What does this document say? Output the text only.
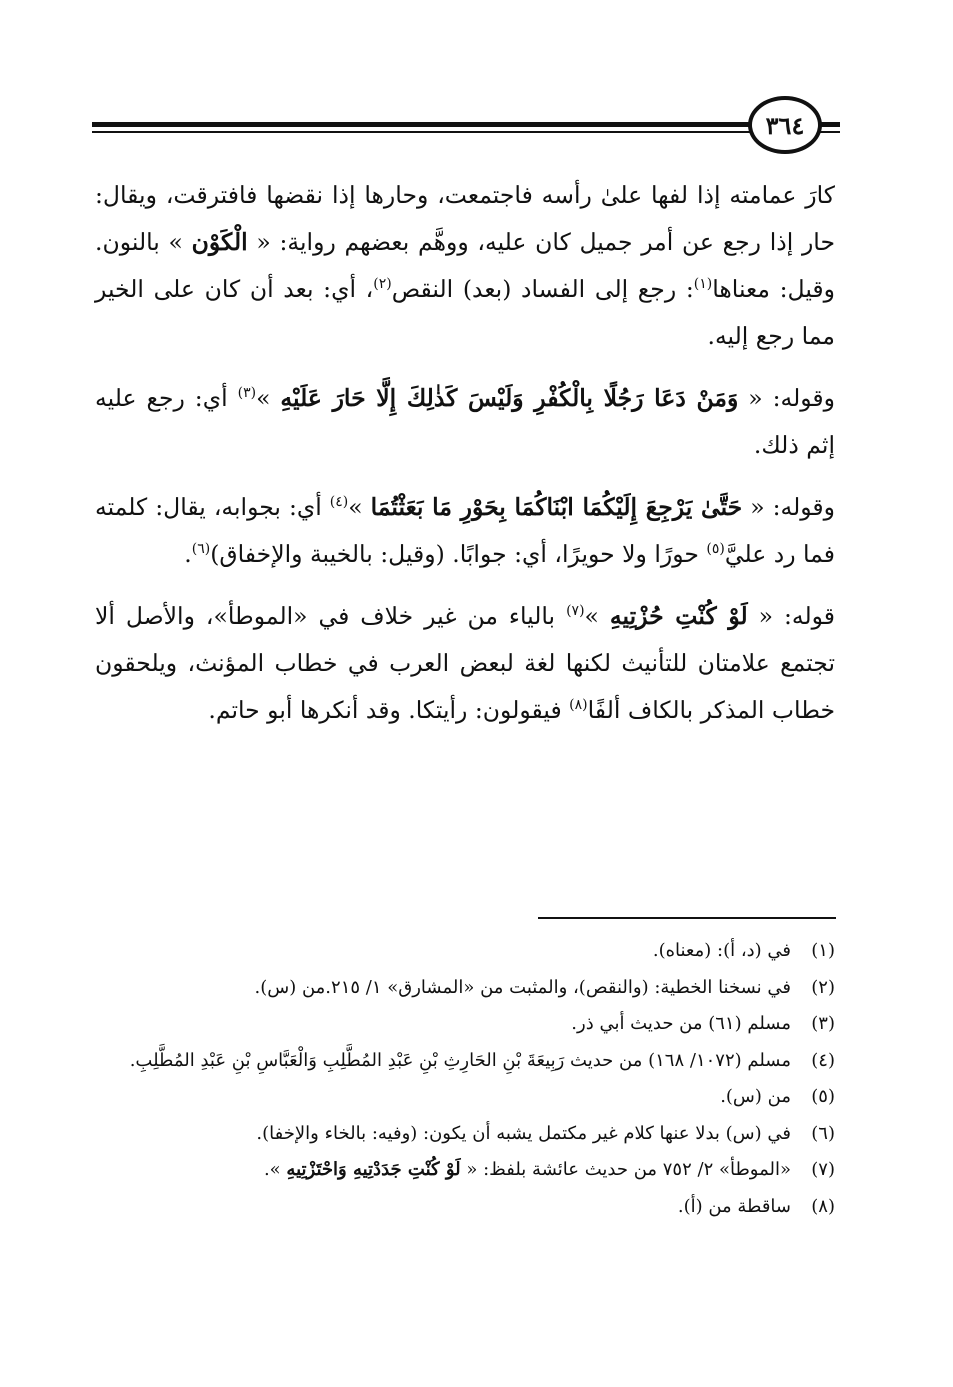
٣٦٤

كارَ عمامته إذا لفها علىٰ رأسه فاجتمعت، وحارها إذا نقضها فافترقت، ويقال: حار إذا رجع عن أمر جميل كان عليه، ووهَّم بعضهم رواية: « الْكَوْن » بالنون. وقيل: معناها$^{(١)}$: رجع إلى الفساد (بعد) النقص$^{(٢)}$، أي: بعد أن كان على الخير مما رجع إليه.

وقوله: « وَمَنْ دَعَا رَجُلًا بِالْكُفْرِ وَلَيْسَ كَذٰلِكَ إِلَّا حَارَ عَلَيْهِ »$^{(٣)}$ أي: رجع عليه إثم ذلك.

وقوله: « حَتَّىٰ يَرْجِعَ إِلَيْكُمَا ابْنَاكُمَا بِحَوْرِ مَا بَعَثْتُمَا »$^{(٤)}$ أي: بجوابه، يقال: كلمته فما رد عليَّ$^{(٥)}$ حورًا ولا حويرًا، أي: جوابًا. (وقيل: بالخيبة والإخفاق)$^{(٦)}$.

قوله: « لَوْ كُنْتِ حُزْتِيهِ »$^{(٧)}$ بالياء من غير خلاف في «الموطأ»، والأصل ألا تجتمع علامتان للتأنيث لكنها لغة لبعض العرب في خطاب المؤنث، ويلحقون خطاب المذكر بالكاف ألفًا$^{(٨)}$ فيقولون: رأيتكا. وقد أنكرها أبو حاتم.

(١)
في (د، أ): (معناه).
(٢)
في نسخنا الخطية: (والنقص)، والمثبت من «المشارق» ١/ ٢١٥.من (س).
(٣)
مسلم (٦١) من حديث أبي ذر.
(٤)
مسلم (١٠٧٢/ ١٦٨) من حديث رَبِيعَةَ بْنِ الحَارِثِ بْنِ عَبْدِ المُطَّلِبِ وَالْعَبَّاسِ بْنِ عَبْدِ المُطَّلِبِ.
(٥)
من (س).
(٦)
في (س) بدلا عنها كلام غير مكتمل يشبه أن يكون: (وفيه: بالخاء والإخفا).
(٧)
«الموطأ» ٢/ ٧٥٢ من حديث عائشة بلفظ: « لَوْ كُنْتِ جَدَدْتِيهِ وَاحْتَزْتِيهِ ».
(٨)
ساقطة من (أ).
